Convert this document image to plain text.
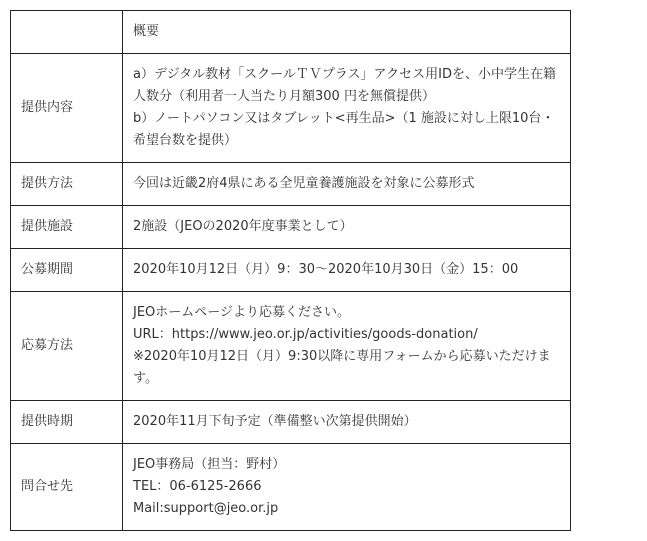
	概要
提供内容	a）デジタル教材「スクールＴＶプラス」アクセス用IDを、小中学生在籍人数分（利用者一人当たり月額300 円を無償提供）
b）ノートパソコン又はタブレット<再生品>（1 施設に対し上限10台・希望台数を提供）

提供方法	今回は近畿2府4県にある全児童養護施設を対象に公募形式

提供施設	2施設（JEOの2020年度事業として）

公募期間	2020年10月12日（月）9：30〜2020年10月30日（金）15：00

応募方法	JEOホームページより応募ください。
URL：https://www.jeo.or.jp/activities/goods-donation/
※2020年10月12日（月）9:30以降に専用フォームから応募いただけます。

提供時期	2020年11月下旬予定（準備整い次第提供開始）

問合せ先	JEO事務局（担当：野村）
TEL：06-6125-2666
Mail:support@jeo.or.jp
